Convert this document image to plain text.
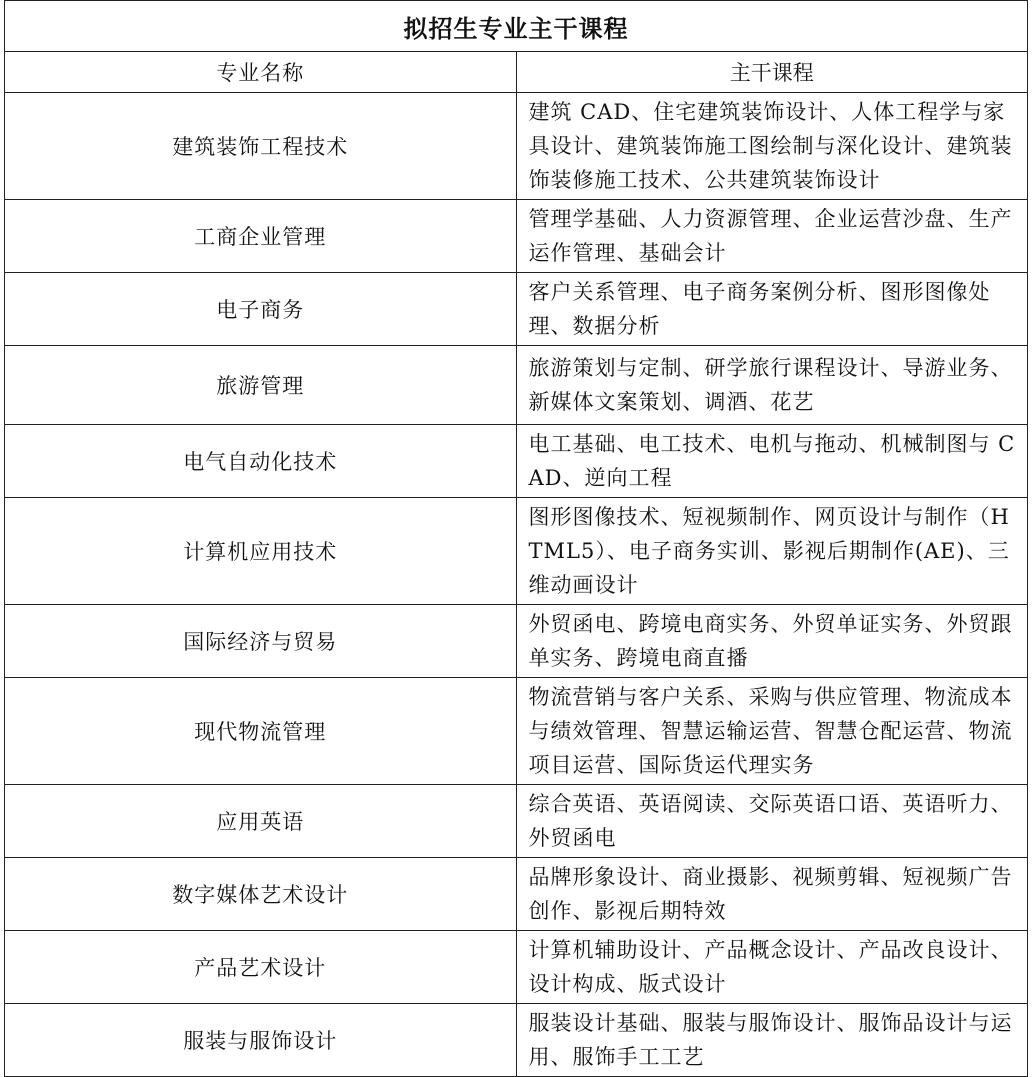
拟招生专业主干课程	
专业名称	主干课程
建筑装饰工程技术	建筑 CAD、住宅建筑装饰设计、人体工程学与家具设计、建筑装饰施工图绘制与深化设计、建筑装饰装修施工技术、公共建筑装饰设计
工商企业管理	管理学基础、人力资源管理、企业运营沙盘、生产运作管理、基础会计
电子商务	客户关系管理、电子商务案例分析、图形图像处理、数据分析
旅游管理	旅游策划与定制、研学旅行课程设计、导游业务、新媒体文案策划、调酒、花艺
电气自动化技术	电工基础、电工技术、电机与拖动、机械制图与 CAD、逆向工程
计算机应用技术	图形图像技术、短视频制作、网页设计与制作（HTML5）、电子商务实训、影视后期制作(AE)、三维动画设计
国际经济与贸易	外贸函电、跨境电商实务、外贸单证实务、外贸跟单实务、跨境电商直播
现代物流管理	物流营销与客户关系、采购与供应管理、物流成本与绩效管理、智慧运输运营、智慧仓配运营、物流项目运营、国际货运代理实务
应用英语	综合英语、英语阅读、交际英语口语、英语听力、外贸函电
数字媒体艺术设计	品牌形象设计、商业摄影、视频剪辑、短视频广告创作、影视后期特效
产品艺术设计	计算机辅助设计、产品概念设计、产品改良设计、设计构成、版式设计
服装与服饰设计	服装设计基础、服装与服饰设计、服饰品设计与运用、服饰手工工艺
